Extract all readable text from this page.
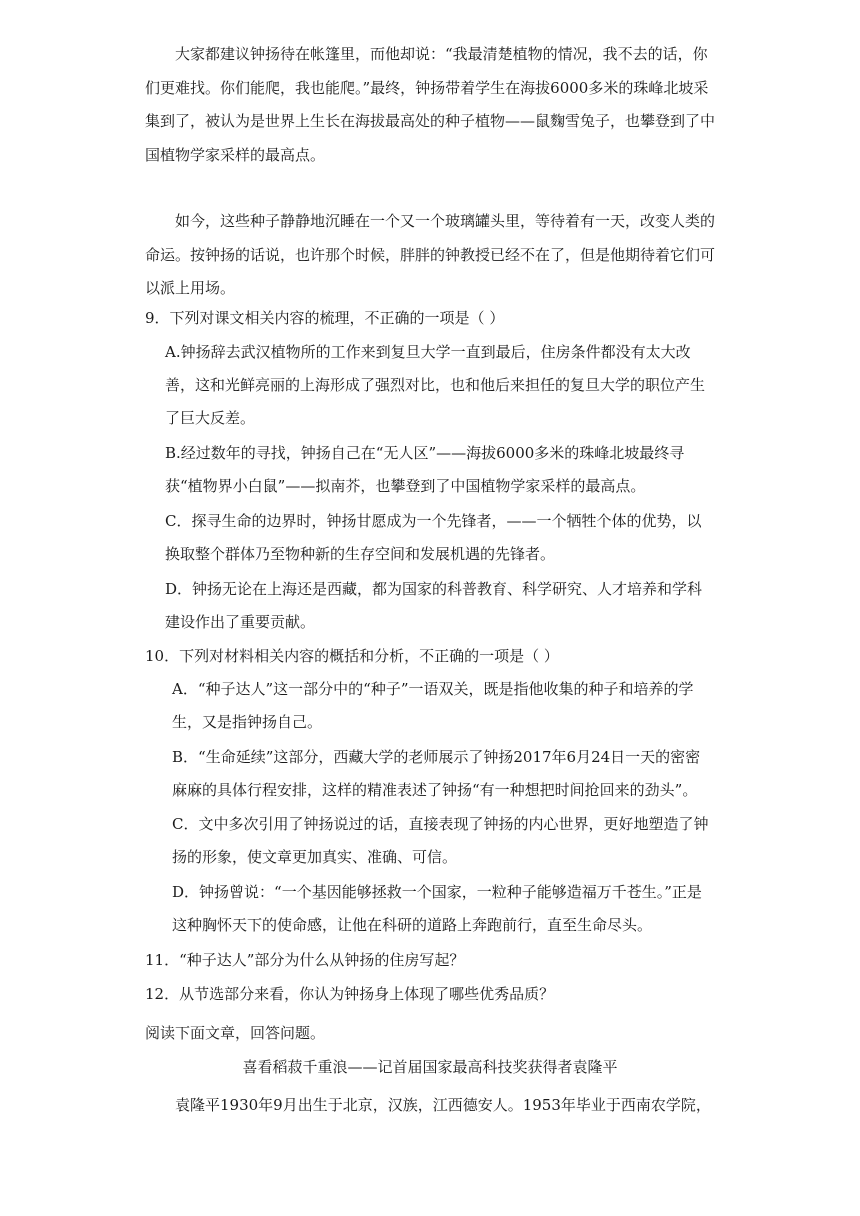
大家都建议钟扬待在帐篷里，而他却说：“我最清楚植物的情况，我不去的话，你们更难找。你们能爬，我也能爬。”最终，钟扬带着学生在海拔6000多米的珠峰北坡采集到了，被认为是世界上生长在海拔最高处的种子植物——鼠麴雪兔子，也攀登到了中国植物学家采样的最高点。

如今，这些种子静静地沉睡在一个又一个玻璃罐头里，等待着有一天，改变人类的命运。按钟扬的话说，也许那个时候，胖胖的钟教授已经不在了，但是他期待着它们可以派上用场。

9．下列对课文相关内容的梳理，不正确的一项是（ ）

A.钟扬辞去武汉植物所的工作来到复旦大学一直到最后，住房条件都没有太大改善，这和光鲜亮丽的上海形成了强烈对比，也和他后来担任的复旦大学的职位产生了巨大反差。

B.经过数年的寻找，钟扬自己在“无人区”——海拔6000多米的珠峰北坡最终寻获“植物界小白鼠”——拟南芥，也攀登到了中国植物学家采样的最高点。

C．探寻生命的边界时，钟扬甘愿成为一个先锋者，——一个牺牲个体的优势，以换取整个群体乃至物种新的生存空间和发展机遇的先锋者。

D．钟扬无论在上海还是西藏，都为国家的科普教育、科学研究、人才培养和学科建设作出了重要贡献。

10．下列对材料相关内容的概括和分析，不正确的一项是（ ）

A．“种子达人”这一部分中的“种子”一语双关，既是指他收集的种子和培养的学生，又是指钟扬自己。

B．“生命延续”这部分，西藏大学的老师展示了钟扬2017年6月24日一天的密密麻麻的具体行程安排，这样的精准表述了钟扬“有一种想把时间抢回来的劲头”。

C．文中多次引用了钟扬说过的话，直接表现了钟扬的内心世界，更好地塑造了钟扬的形象，使文章更加真实、准确、可信。

D．钟扬曾说：“一个基因能够拯救一个国家，一粒种子能够造福万千苍生。”正是这种胸怀天下的使命感，让他在科研的道路上奔跑前行，直至生命尽头。

11．“种子达人”部分为什么从钟扬的住房写起？

12．从节选部分来看，你认为钟扬身上体现了哪些优秀品质？

阅读下面文章，回答问题。

喜看稻菽千重浪——记首届国家最高科技奖获得者袁隆平

袁隆平1930年9月出生于北京，汉族，江西德安人。1953年毕业于西南农学院，
